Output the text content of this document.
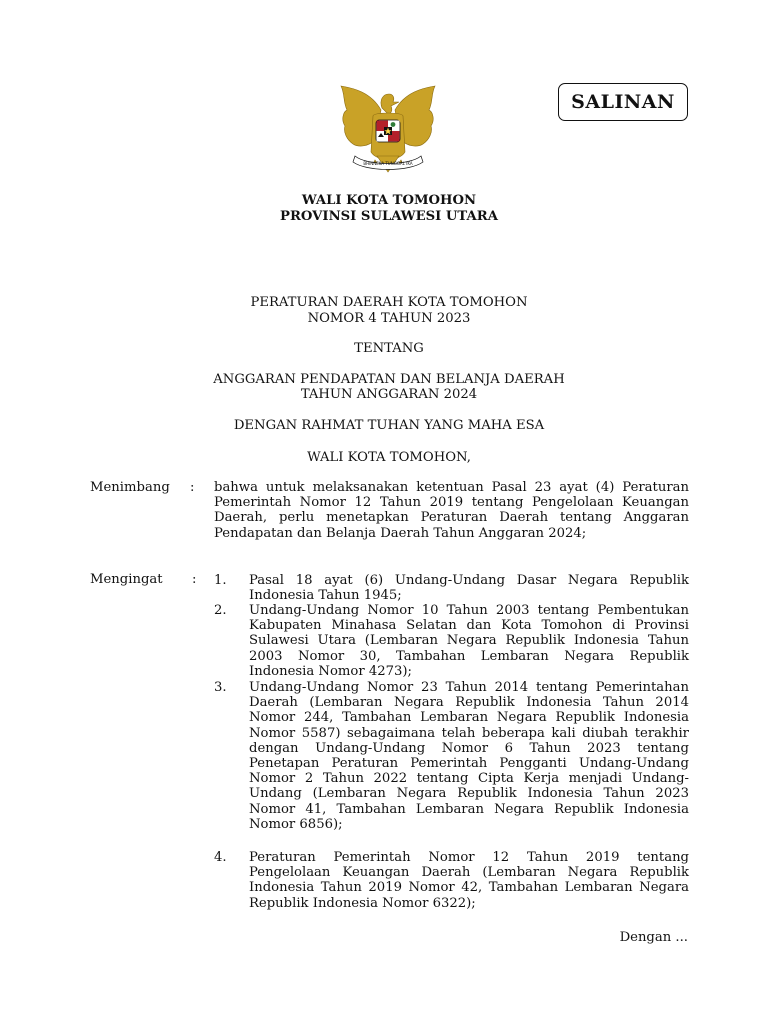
BHINNEKA TUNGGAL IKA
SALINAN
WALI KOTA TOMOHON
PROVINSI SULAWESI UTARA
PERATURAN DAERAH KOTA TOMOHON
NOMOR 4 TAHUN 2023
TENTANG
ANGGARAN PENDAPATAN DAN BELANJA DAERAH
TAHUN ANGGARAN 2024
DENGAN RAHMAT TUHAN YANG MAHA ESA
WALI KOTA TOMOHON,
Menimbang : bahwa untuk melaksanakan ketentuan Pasal 23 ayat (4) Peraturan Pemerintah Nomor 12 Tahun 2019 tentang Pengelolaan Keuangan Daerah, perlu menetapkan Peraturan Daerah tentang Anggaran Pendapatan dan Belanja Daerah Tahun Anggaran 2024;
Mengingat : 1. Pasal 18 ayat (6) Undang-Undang Dasar Negara Republik Indonesia Tahun 1945;
2. Undang-Undang Nomor 10 Tahun 2003 tentang Pembentukan Kabupaten Minahasa Selatan dan Kota Tomohon di Provinsi Sulawesi Utara (Lembaran Negara Republik Indonesia Tahun 2003 Nomor 30, Tambahan Lembaran Negara Republik Indonesia Nomor 4273);
3. Undang-Undang Nomor 23 Tahun 2014 tentang Pemerintahan Daerah (Lembaran Negara Republik Indonesia Tahun 2014 Nomor 244, Tambahan Lembaran Negara Republik Indonesia Nomor 5587) sebagaimana telah beberapa kali diubah terakhir dengan Undang-Undang Nomor 6 Tahun 2023 tentang Penetapan Peraturan Pemerintah Pengganti Undang-Undang Nomor 2 Tahun 2022 tentang Cipta Kerja menjadi Undang-Undang (Lembaran Negara Republik Indonesia Tahun 2023 Nomor 41, Tambahan Lembaran Negara Republik Indonesia Nomor 6856);
4. Peraturan Pemerintah Nomor 12 Tahun 2019 tentang Pengelolaan Keuangan Daerah (Lembaran Negara Republik Indonesia Tahun 2019 Nomor 42, Tambahan Lembaran Negara Republik Indonesia Nomor 6322);
Dengan ...
